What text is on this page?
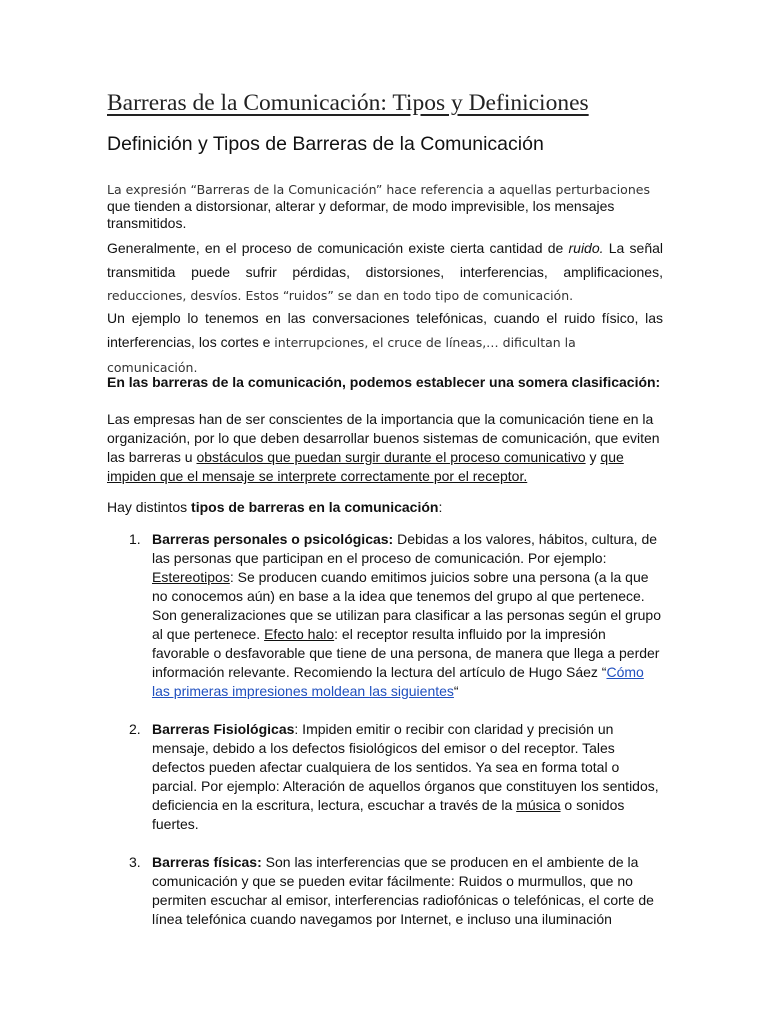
Barreras de la Comunicación: Tipos y Definiciones
Definición y Tipos de Barreras de la Comunicación
La expresión “Barreras de la Comunicación” hace referencia a aquellas perturbaciones
que tienden a distorsionar, alterar y deformar, de modo imprevisible, los mensajes transmitidos.
Generalmente, en el proceso de comunicación existe cierta cantidad de ruido. La señal
transmitida puede sufrir pérdidas, distorsiones, interferencias, amplificaciones,
reducciones, desvíos. Estos “ruidos” se dan en todo tipo de comunicación.
Un ejemplo lo tenemos en las conversaciones telefónicas, cuando el ruido físico, las
interferencias, los cortes e interrupciones, el cruce de líneas,… dificultan la comunicación.
En las barreras de la comunicación, podemos establecer una somera clasificación:
Las empresas han de ser conscientes de la importancia que la comunicación tiene en la organización, por lo que deben desarrollar buenos sistemas de comunicación, que eviten las barreras u obstáculos que puedan surgir durante el proceso comunicativo y que impiden que el mensaje se interprete correctamente por el receptor.
Hay distintos tipos de barreras en la comunicación:
1. Barreras personales o psicológicas: Debidas a los valores, hábitos, cultura, de las personas que participan en el proceso de comunicación. Por ejemplo: Estereotipos: Se producen cuando emitimos juicios sobre una persona (a la que no conocemos aún) en base a la idea que tenemos del grupo al que pertenece. Son generalizaciones que se utilizan para clasificar a las personas según el grupo al que pertenece. Efecto halo: el receptor resulta influido por la impresión favorable o desfavorable que tiene de una persona, de manera que llega a perder información relevante. Recomiendo la lectura del artículo de Hugo Sáez “Cómo las primeras impresiones moldean las siguientes“
2. Barreras Fisiológicas: Impiden emitir o recibir con claridad y precisión un mensaje, debido a los defectos fisiológicos del emisor o del receptor. Tales defectos pueden afectar cualquiera de los sentidos. Ya sea en forma total o parcial. Por ejemplo: Alteración de aquellos órganos que constituyen los sentidos, deficiencia en la escritura, lectura, escuchar a través de la música o sonidos fuertes.
3. Barreras físicas: Son las interferencias que se producen en el ambiente de la comunicación y que se pueden evitar fácilmente: Ruidos o murmullos, que no permiten escuchar al emisor, interferencias radiofónicas o telefónicas, el corte de línea telefónica cuando navegamos por Internet, e incluso una iluminación
